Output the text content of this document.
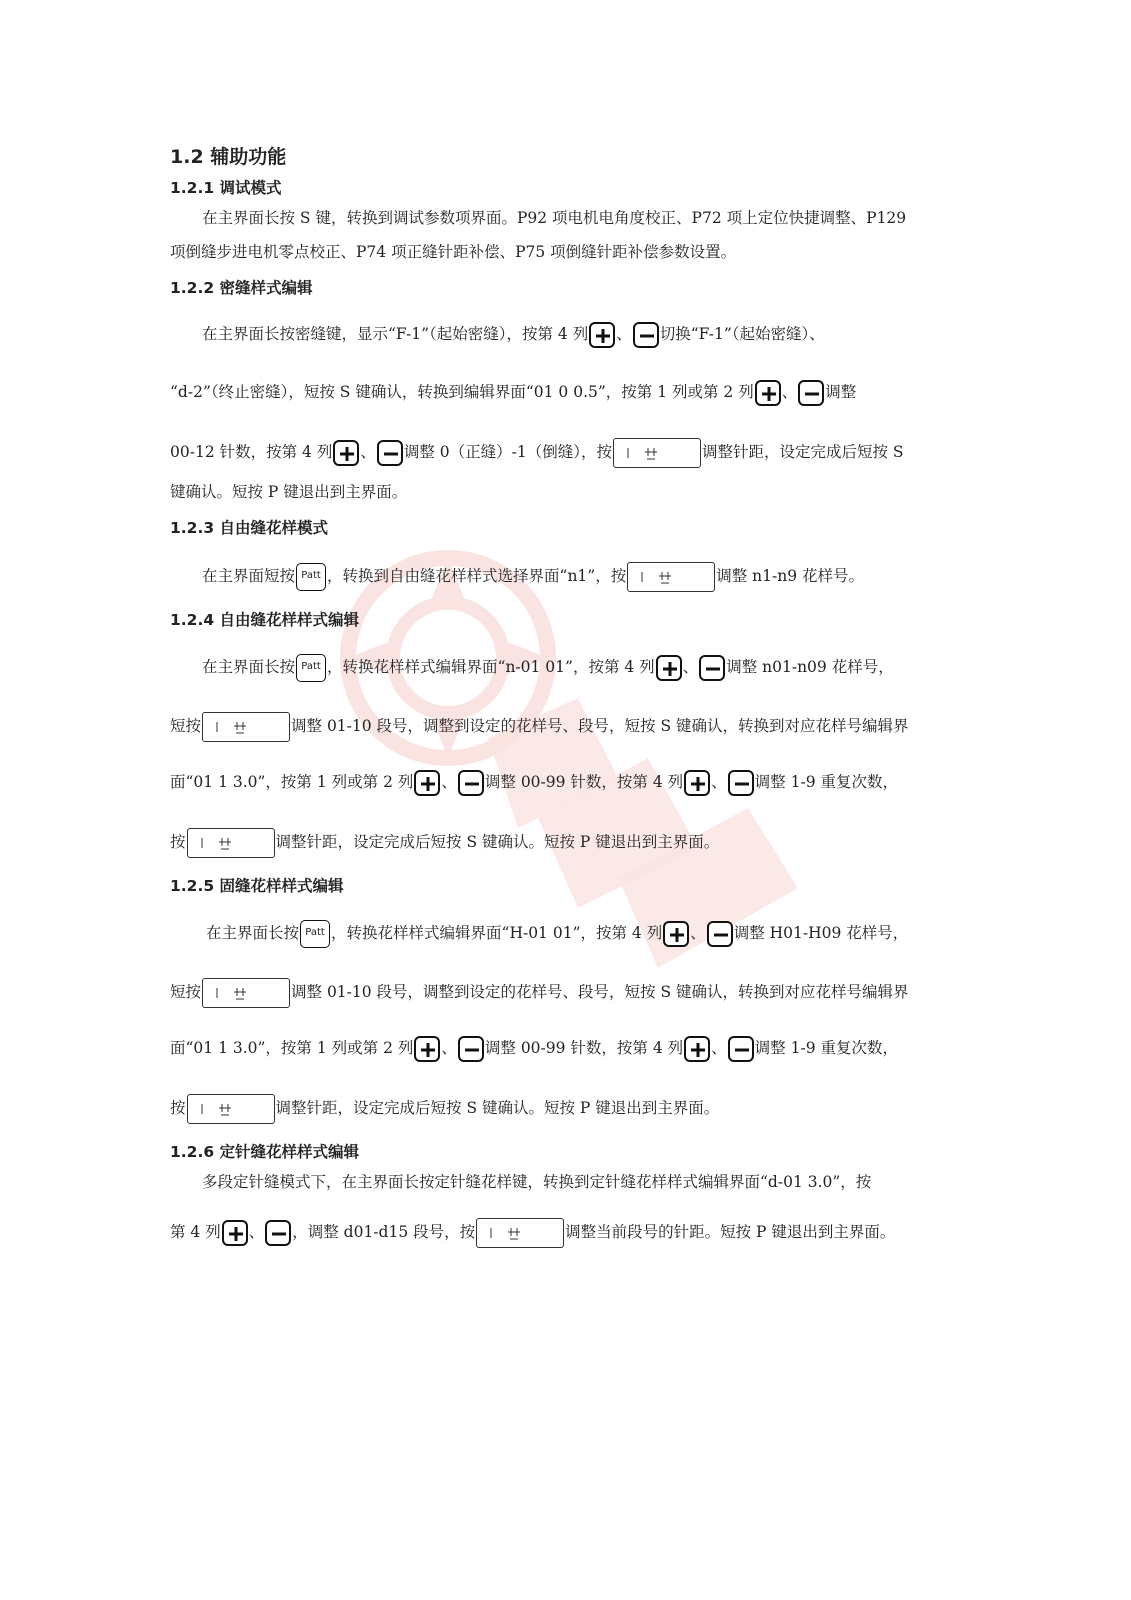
1.2 辅助功能
1.2.1 调试模式
在主界面长按 S 键，转换到调试参数项界面。P92 项电机电角度校正、P72 项上定位快捷调整、P129
项倒缝步进电机零点校正、P74 项正缝针距补偿、P75 项倒缝针距补偿参数设置。
1.2.2 密缝样式编辑
在主界面长按密缝键，显示“F-1”（起始密缝），按第 4 列 、 切换“F-1”（起始密缝）、
“d-2”（终止密缝），短按 S 键确认，转换到编辑界面“01 0 0.5”，按第 1 列或第 2 列 、 调整
00-12 针数，按第 4 列 、 调整 0（正缝）-1（倒缝），按	调整针距，设定完成后短按 S
键确认。短按 P 键退出到主界面。
1.2.3 自由缝花样模式
在主界面短按 Patt ，转换到自由缝花样样式选择界面“n1”，按	调整 n1-n9 花样号。
1.2.4 自由缝花样样式编辑
在主界面长按 Patt ，转换花样样式编辑界面“n-01 01”，按第 4 列 、 调整 n01-n09 花样号，
短按	调整 01-10 段号，调整到设定的花样号、段号，短按 S 键确认，转换到对应花样号编辑界
面“01 1 3.0”，按第 1 列或第 2 列 、 调整 00-99 针数，按第 4 列 、 调整 1-9 重复次数，
按	调整针距，设定完成后短按 S 键确认。短按 P 键退出到主界面。
1.2.5 固缝花样样式编辑
在主界面长按 Patt ，转换花样样式编辑界面“H-01 01”，按第 4 列 、 调整 H01-H09 花样号，
短按	调整 01-10 段号，调整到设定的花样号、段号，短按 S 键确认，转换到对应花样号编辑界
面“01 1 3.0”，按第 1 列或第 2 列 、 调整 00-99 针数，按第 4 列 、 调整 1-9 重复次数，
按	调整针距，设定完成后短按 S 键确认。短按 P 键退出到主界面。
1.2.6 定针缝花样样式编辑
多段定针缝模式下，在主界面长按定针缝花样键，转换到定针缝花样样式编辑界面“d-01 3.0”，按
第 4 列 、 ，调整 d01-d15 段号，按	调整当前段号的针距。短按 P 键退出到主界面。
